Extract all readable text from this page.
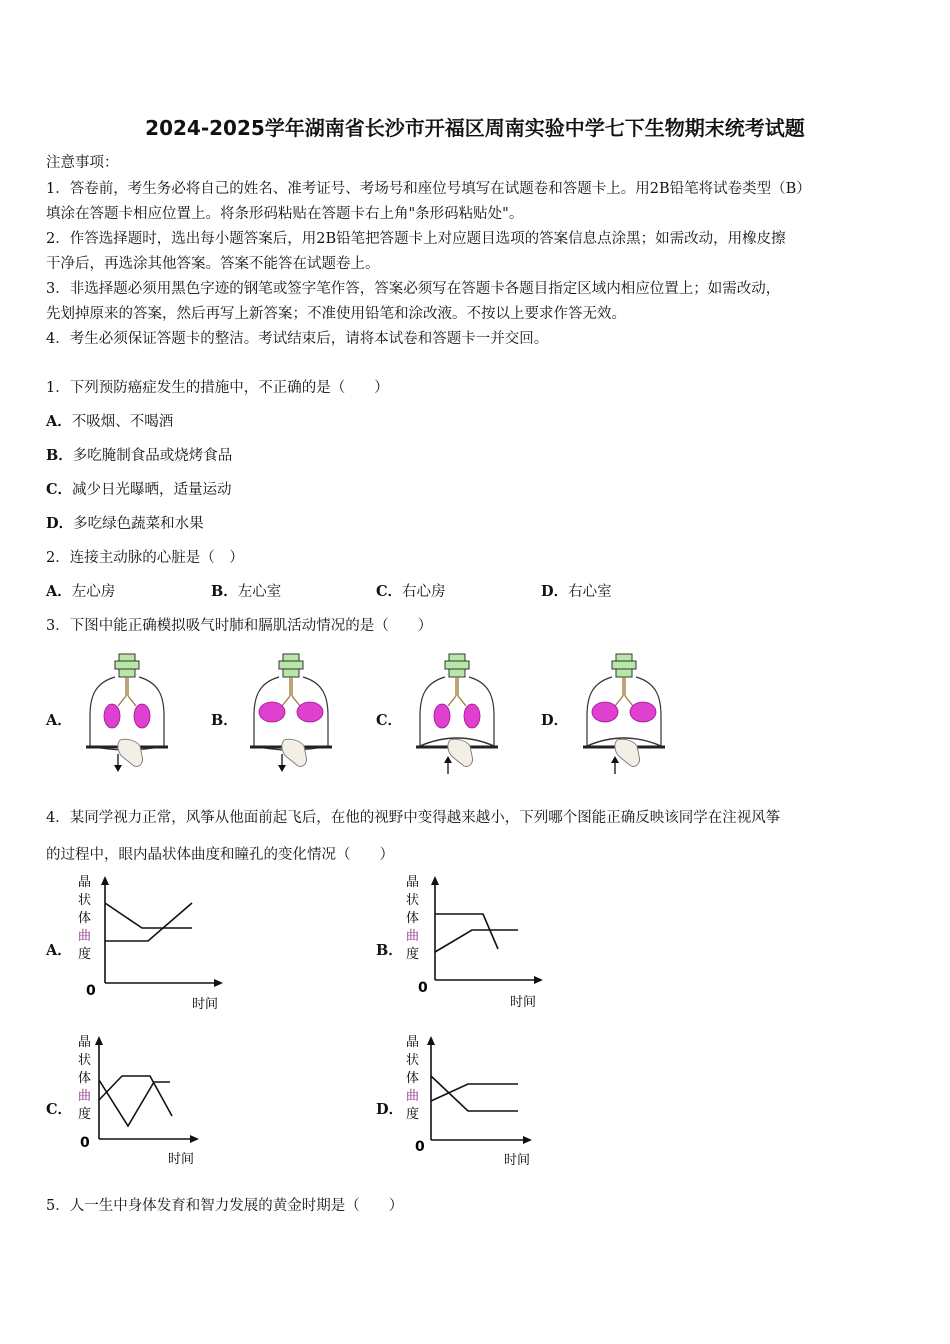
2024-2025学年湖南省长沙市开福区周南实验中学七下生物期末统考试题
注意事项：
1．答卷前，考生务必将自己的姓名、准考证号、考场号和座位号填写在试题卷和答题卡上。用2B铅笔将试卷类型（B）
填涂在答题卡相应位置上。将条形码粘贴在答题卡右上角"条形码粘贴处"。
2．作答选择题时，选出每小题答案后，用2B铅笔把答题卡上对应题目选项的答案信息点涂黑；如需改动，用橡皮擦
干净后，再选涂其他答案。答案不能答在试题卷上。
3．非选择题必须用黑色字迹的钢笔或签字笔作答，答案必须写在答题卡各题目指定区域内相应位置上；如需改动，
先划掉原来的答案，然后再写上新答案；不准使用铅笔和涂改液。不按以上要求作答无效。
4．考生必须保证答题卡的整洁。考试结束后，请将本试卷和答题卡一并交回。
1．下列预防癌症发生的措施中，不正确的是（　　）
A．不吸烟、不喝酒
B．多吃腌制食品或烧烤食品
C．减少日光曝晒，适量运动
D．多吃绿色蔬菜和水果
2．连接主动脉的心脏是（　）
A．左心房	B．左心室	C．右心房	D．右心室
3．下图中能正确模拟吸气时肺和膈肌活动情况的是（　　）
A．	B．	C．	D．
4．某同学视力正常，风筝从他面前起飞后，在他的视野中变得越来越小，下列哪个图能正确反映该同学在注视风筝
的过程中，眼内晶状体曲度和瞳孔的变化情况（　　）
A．	B．
C．	D．
晶
状
体
曲
度
0
时间
晶
状
体
曲
度
0
时间
晶
状
体
曲
度
0
时间
晶
状
体
曲
度
0
时间
5．人一生中身体发育和智力发展的黄金时期是（　　）
